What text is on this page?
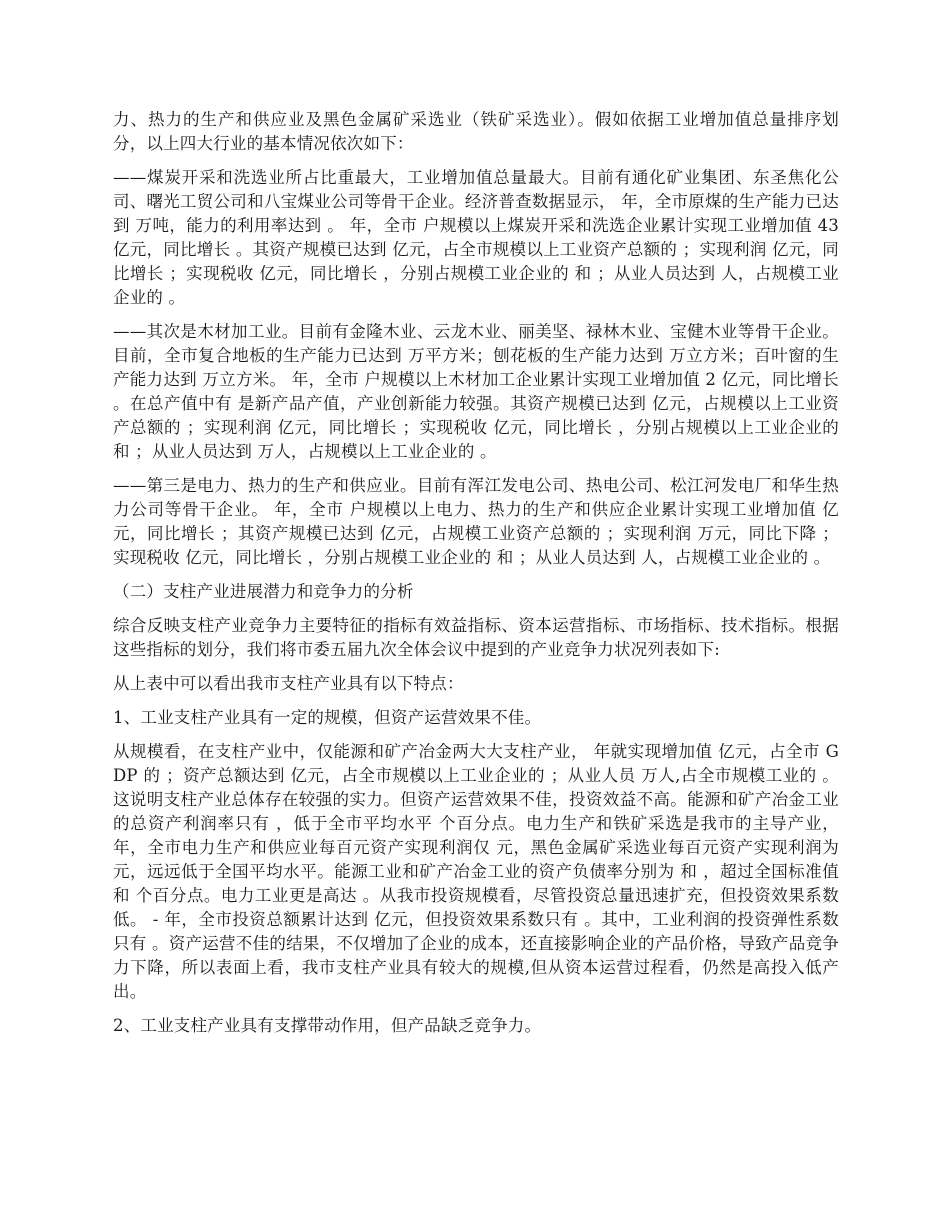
力、热力的生产和供应业及黑色金属矿采选业（铁矿采选业）。假如依据工业增加值总量排序划分，以上四大行业的基本情况依次如下：

——煤炭开采和洗选业所占比重最大，工业增加值总量最大。目前有通化矿业集团、东圣焦化公司、曙光工贸公司和八宝煤业公司等骨干企业。经济普查数据显示， 年，全市原煤的生产能力已达到 万吨，能力的利用率达到 。 年，全市 户规模以上煤炭开采和洗选企业累计实现工业增加值 43 亿元，同比增长 。其资产规模已达到 亿元，占全市规模以上工业资产总额的 ；实现利润 亿元，同比增长 ；实现税收 亿元，同比增长 ，分别占规模工业企业的 和 ；从业人员达到 人，占规模工业企业的 。

——其次是木材加工业。目前有金隆木业、云龙木业、丽美坚、禄林木业、宝健木业等骨干企业。目前，全市复合地板的生产能力已达到 万平方米；刨花板的生产能力达到 万立方米；百叶窗的生产能力达到 万立方米。 年，全市 户规模以上木材加工企业累计实现工业增加值 2 亿元，同比增长 。在总产值中有 是新产品产值，产业创新能力较强。其资产规模已达到 亿元，占规模以上工业资产总额的 ；实现利润 亿元，同比增长 ；实现税收 亿元，同比增长 ，分别占规模以上工业企业的 和 ；从业人员达到 万人，占规模以上工业企业的 。

——第三是电力、热力的生产和供应业。目前有浑江发电公司、热电公司、松江河发电厂和华生热力公司等骨干企业。 年，全市 户规模以上电力、热力的生产和供应企业累计实现工业增加值 亿元，同比增长 ；其资产规模已达到 亿元，占规模工业资产总额的 ；实现利润 万元，同比下降 ；实现税收 亿元，同比增长 ，分别占规模工业企业的 和 ；从业人员达到 人，占规模工业企业的 。

（二）支柱产业进展潜力和竞争力的分析

综合反映支柱产业竞争力主要特征的指标有效益指标、资本运营指标、市场指标、技术指标。根据这些指标的划分，我们将市委五届九次全体会议中提到的产业竞争力状况列表如下:

从上表中可以看出我市支柱产业具有以下特点：

1、工业支柱产业具有一定的规模，但资产运营效果不佳。

从规模看，在支柱产业中，仅能源和矿产冶金两大大支柱产业， 年就实现增加值 亿元，占全市 GDP 的 ；资产总额达到 亿元，占全市规模以上工业企业的 ；从业人员 万人,占全市规模工业的 。这说明支柱产业总体存在较强的实力。但资产运营效果不佳，投资效益不高。能源和矿产冶金工业的总资产利润率只有 ，低于全市平均水平 个百分点。电力生产和铁矿采选是我市的主导产业， 年，全市电力生产和供应业每百元资产实现利润仅 元，黑色金属矿采选业每百元资产实现利润为 元，远远低于全国平均水平。能源工业和矿产冶金工业的资产负债率分别为 和 ，超过全国标准值 和 个百分点。电力工业更是高达 。从我市投资规模看，尽管投资总量迅速扩充，但投资效果系数低。 - 年，全市投资总额累计达到 亿元，但投资效果系数只有 。其中，工业利润的投资弹性系数只有 。资产运营不佳的结果，不仅增加了企业的成本，还直接影响企业的产品价格，导致产品竞争力下降，所以表面上看，我市支柱产业具有较大的规模,但从资本运营过程看，仍然是高投入低产出。

2、工业支柱产业具有支撑带动作用，但产品缺乏竞争力。
